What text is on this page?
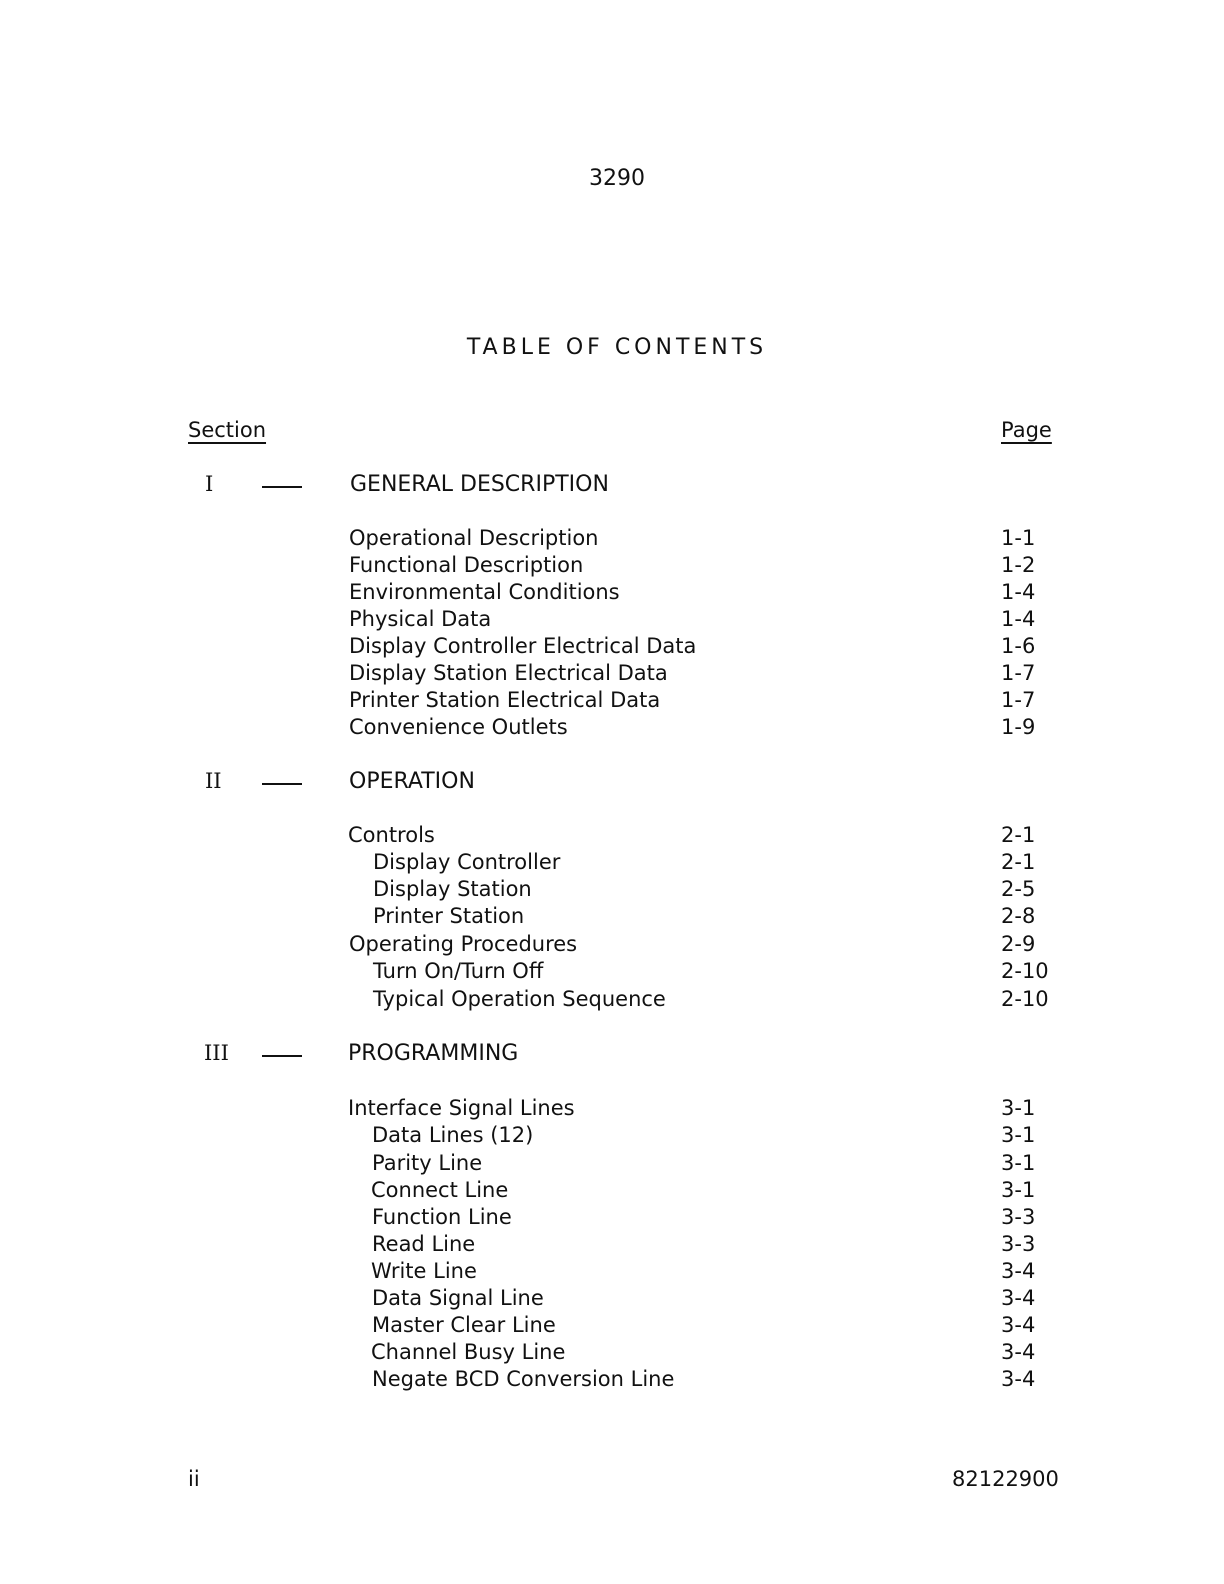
3290
TABLE OF CONTENTS
Section	Page
I	GENERAL DESCRIPTION
Operational Description	1-1
Functional Description	1-2
Environmental Conditions	1-4
Physical Data	1-4
Display Controller Electrical Data	1-6
Display Station Electrical Data	1-7
Printer Station Electrical Data	1-7
Convenience Outlets	1-9
II	OPERATION
Controls	2-1
Display Controller	2-1
Display Station	2-5
Printer Station	2-8
Operating Procedures	2-9
Turn On/Turn Off	2-10
Typical Operation Sequence	2-10
III	PROGRAMMING
Interface Signal Lines	3-1
Data Lines (12)	3-1
Parity Line	3-1
Connect Line	3-1
Function Line	3-3
Read Line	3-3
Write Line	3-4
Data Signal Line	3-4
Master Clear Line	3-4
Channel Busy Line	3-4
Negate BCD Conversion Line	3-4
ii	82122900
